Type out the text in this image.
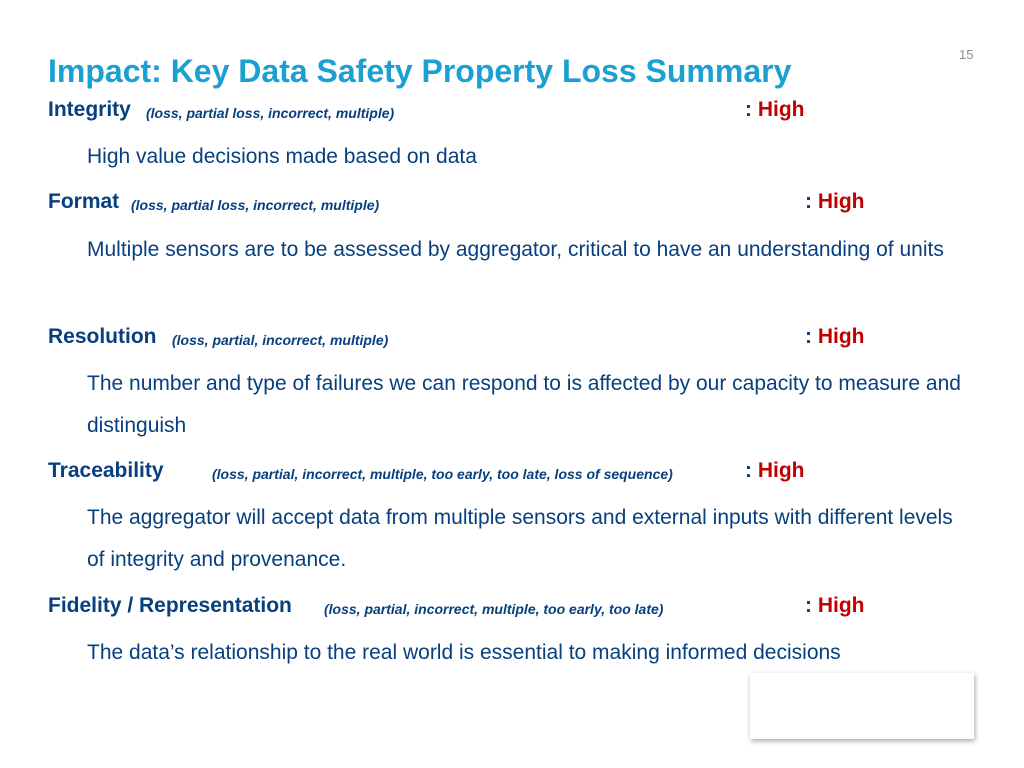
15
Impact: Key Data Safety Property Loss Summary
Integrity (loss, partial loss, incorrect, multiple)	: High

High value decisions made based on data

Format (loss, partial loss, incorrect, multiple)	: High

Multiple sensors are to be assessed by aggregator, critical to have an understanding of units

Resolution (loss, partial, incorrect, multiple)	: High

The number and type of failures we can respond to is affected by our capacity to measure and distinguish

Traceability	(loss, partial, incorrect, multiple, too early, too late, loss of sequence)	: High

The aggregator will accept data from multiple sensors and external inputs with different levels of integrity and provenance.

Fidelity / Representation (loss, partial, incorrect, multiple, too early, too late)	: High

The data’s relationship to the real world is essential to making informed decisions
